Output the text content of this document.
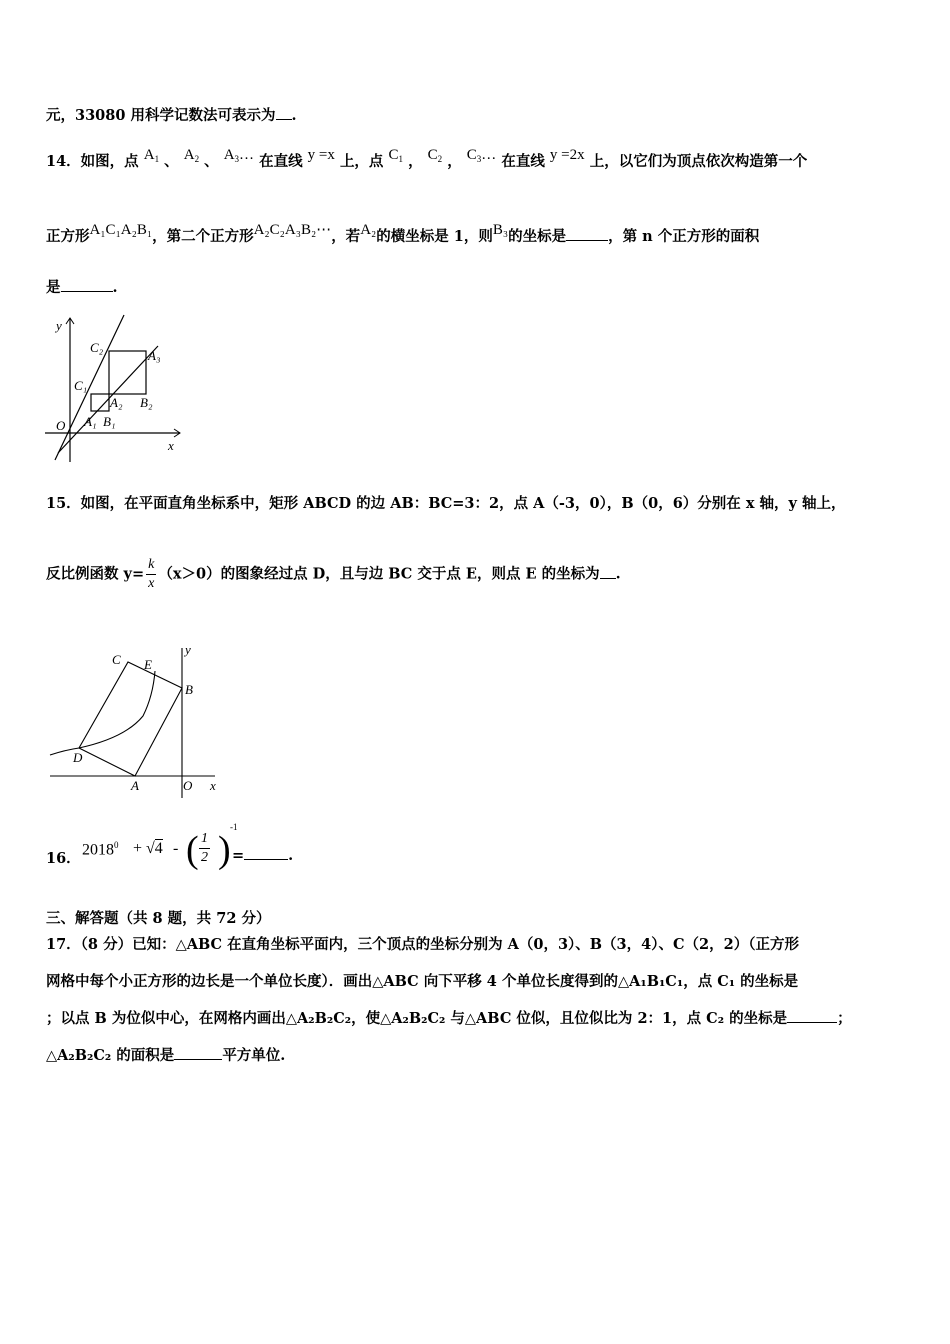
元，33080 用科学记数法可表示为 .
14．如图，点 $A_1$ 、 $A_2$ 、 $A_3\dots$ 在直线 y =x 上，点 $C_1$ ， $C_2$ ， $C_3\dots$ 在直线 y =2x 上，以它们为顶点依次构造第一个
正方形A₁C₁A₂B₁，第二个正方形A₂C₂A₃B₂⋯，若A₂的横坐标是 1，则B₃的坐标是	，第 n 个正方形的面积
是	.
y
x
O A₁ B₁
C₁
A₂ B₂
C₂
A₃
15．如图，在平面直角坐标系中，矩形 ABCD 的边 AB：BC=3：2，点 A（-3，0），B（0，6）分别在 x 轴，y 轴上，
反比例函数 $y= \frac{k}{x} (x>0)$的图象经过点 D，且与边 BC 交于点 E，则点 E 的坐标为 .
C E
y
B
D
A	O x
16．
$2018^0 + √4$ - ( $\frac{1}{2}$ )
-1
=	.
三、解答题（共 8 题，共 72 分）
17．（8 分）已知：△ABC 在直角坐标平面内，三个顶点的坐标分别为 A（0，3）、B（3，4）、C（2，2）（正方形
网格中每个小正方形的边长是一个单位长度）．画出△ABC 向下平移 4 个单位长度得到的△A₁B₁C₁，点 C₁ 的坐标是
；以点 B 为位似中心，在网格内画出△A₂B₂C₂，使△A₂B₂C₂ 与△ABC 位似，且位似比为 2：1，点 C₂ 的坐标是	；
△A₂B₂C₂ 的面积是	平方单位.
